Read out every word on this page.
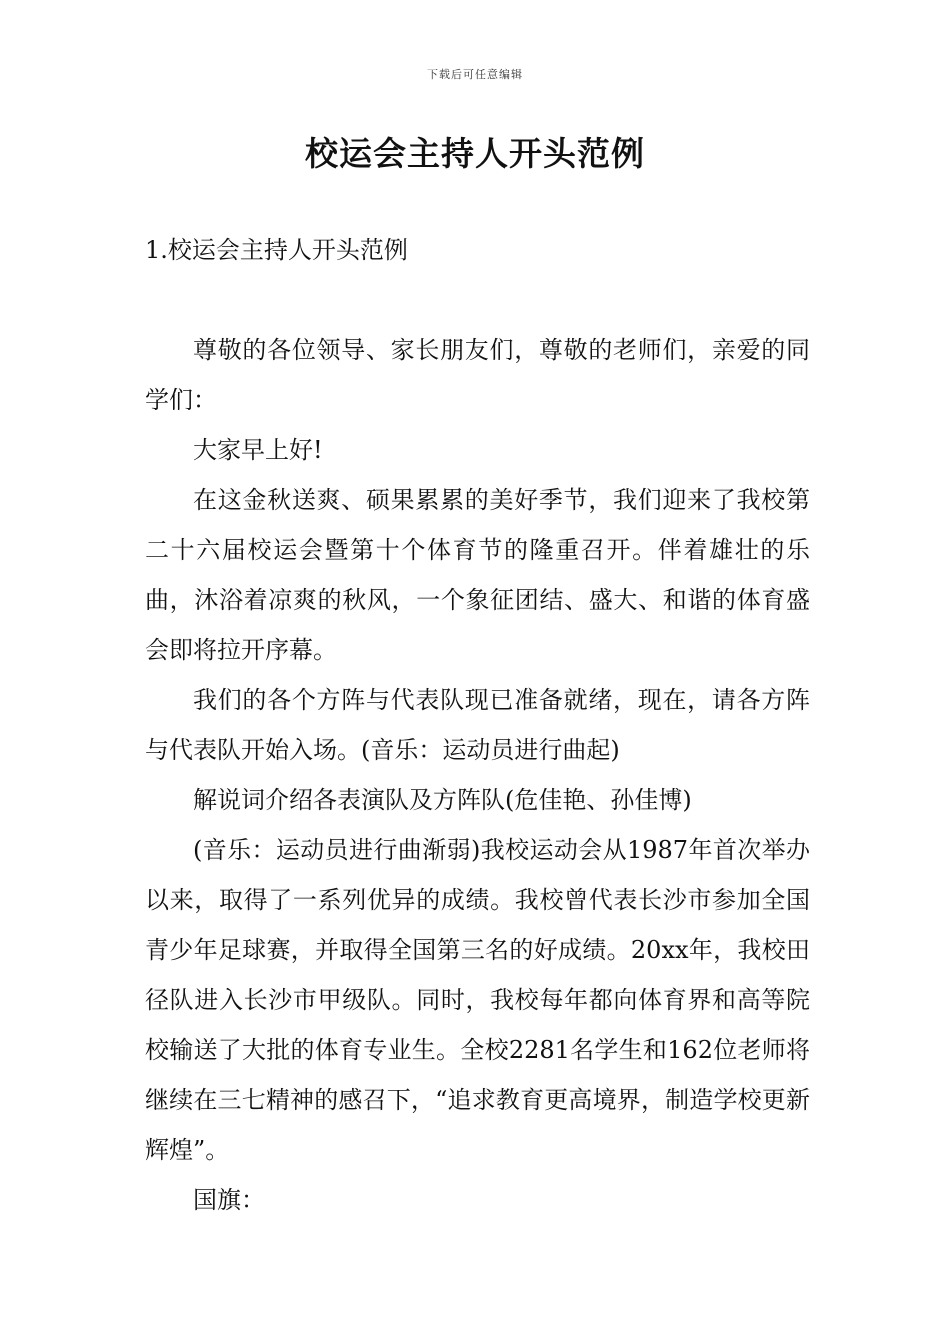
下载后可任意编辑
校运会主持人开头范例
1.校运会主持人开头范例

尊敬的各位领导、家长朋友们，尊敬的老师们，亲爱的同学们：

大家早上好!

在这金秋送爽、硕果累累的美好季节，我们迎来了我校第二十六届校运会暨第十个体育节的隆重召开。伴着雄壮的乐曲，沐浴着凉爽的秋风，一个象征团结、盛大、和谐的体育盛会即将拉开序幕。

我们的各个方阵与代表队现已准备就绪，现在，请各方阵与代表队开始入场。(音乐：运动员进行曲起)

解说词介绍各表演队及方阵队(危佳艳、孙佳博)

(音乐：运动员进行曲渐弱)我校运动会从1987年首次举办以来，取得了一系列优异的成绩。我校曾代表长沙市参加全国青少年足球赛，并取得全国第三名的好成绩。20xx年，我校田径队进入长沙市甲级队。同时，我校每年都向体育界和高等院校输送了大批的体育专业生。全校2281名学生和162位老师将继续在三七精神的感召下，“追求教育更高境界，制造学校更新辉煌”。

国旗：
